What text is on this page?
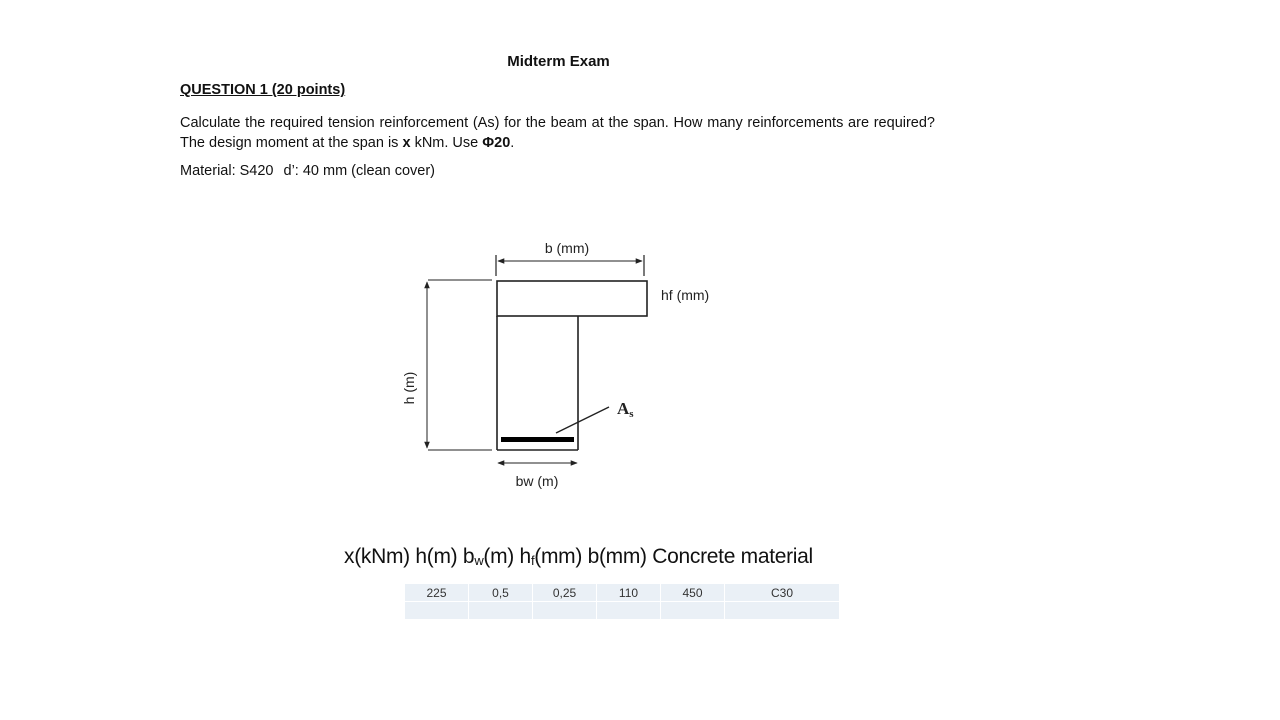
Midterm Exam
QUESTION 1 (20 points)
Calculate the required tension reinforcement (As) for the beam at the span. How many reinforcements are required? The design moment at the span is x kNm. Use Φ20.
Material: S420 d’: 40 mm (clean cover)
b (mm)
hf (mm)
As
h (m)
bw (m)
x(kNm) h(m) $b_w(m)$ $h_f(mm)$ b(mm) Concrete material
225	0,5	0,25	110	450	C30
